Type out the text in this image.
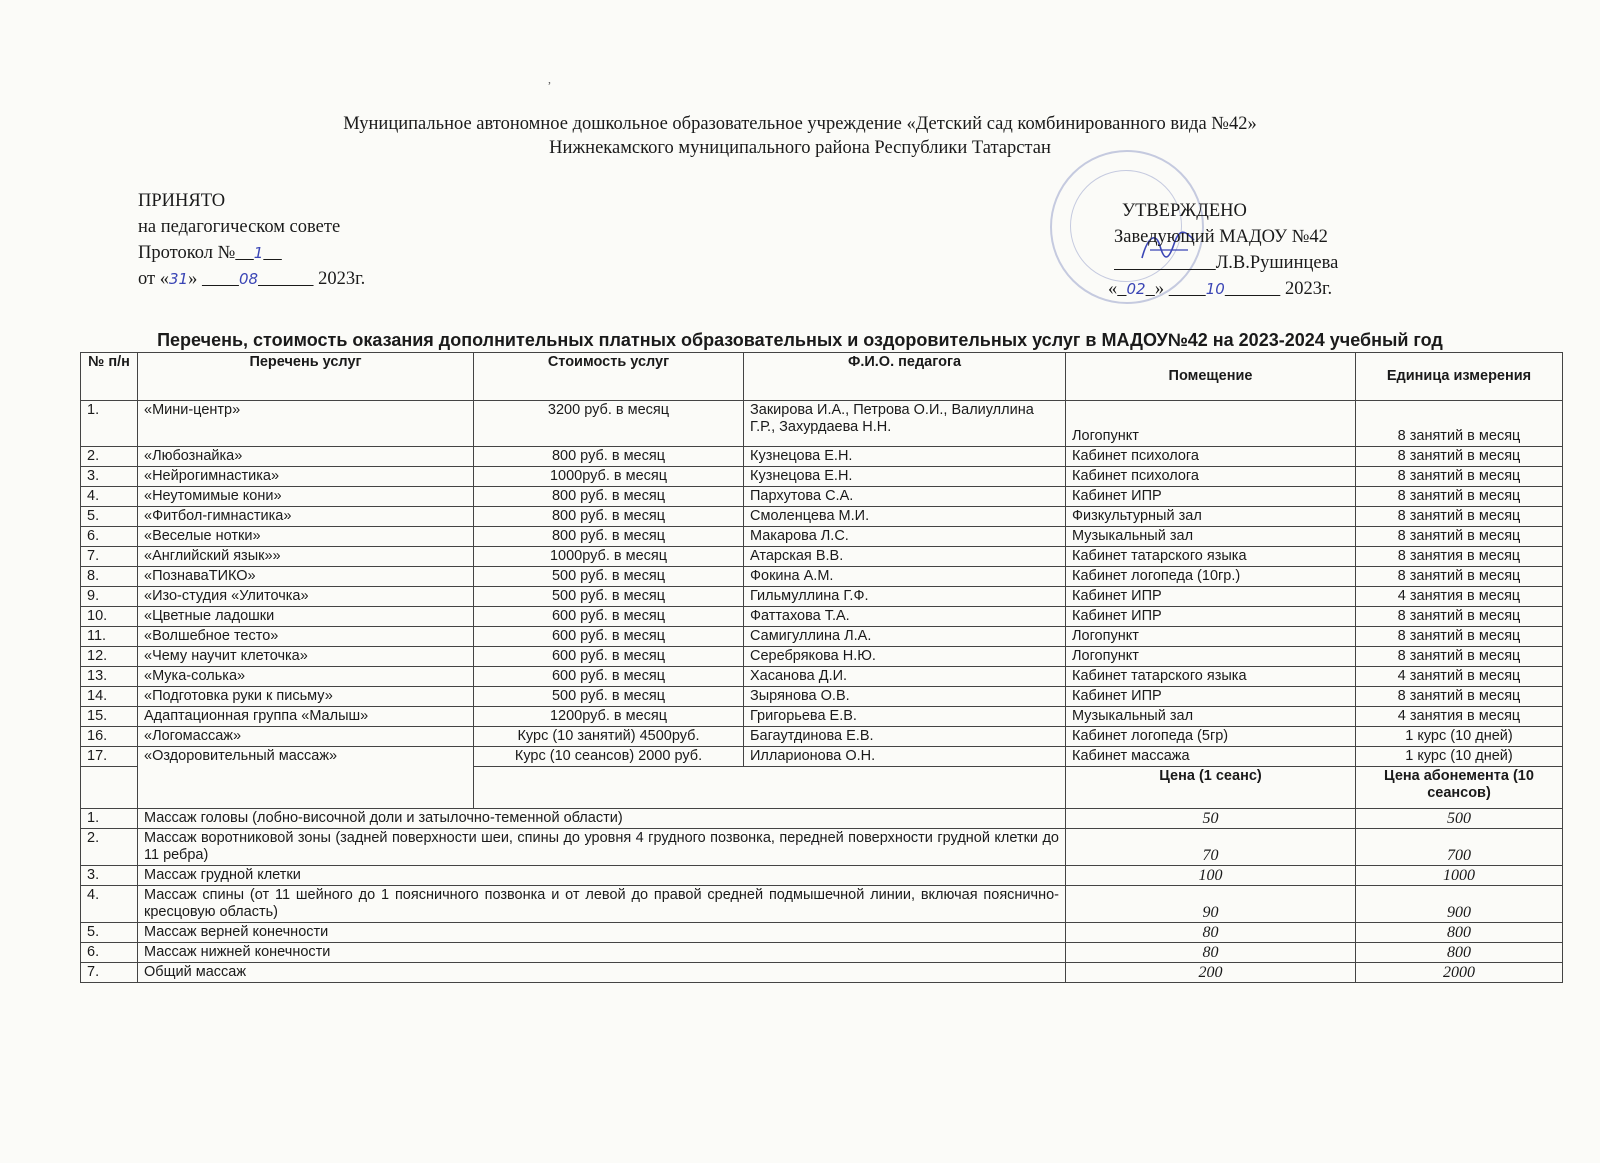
,
Муниципальное автономное дошкольное образовательное учреждение «Детский сад комбинированного вида №42»
Нижнекамского муниципального района Республики Татарстан
ПРИНЯТО
на педагогическом совете
Протокол № 1
от «31»         08	2023г.
УТВЕРЖДЕНО
Заведующий МАДОУ №42
Л.В.Рушинцева
« 02 »         10	2023г.
Перечень, стоимость оказания дополнительных платных образовательных и оздоровительных услуг в МАДОУ№42 на 2023-2024 учебный год
№ п/н	Перечень услуг	Стоимость услуг	Ф.И.О. педагога	Помещение	Единица измерения
1.	«Мини-центр»	3200 руб. в месяц	Закирова И.А., Петрова О.И., Валиуллина Г.Р., Захурдаева Н.Н.	Логопункт	8 занятий в месяц
2.	«Любознайка»	800 руб. в месяц	Кузнецова Е.Н.	Кабинет психолога	8 занятий в месяц
3.	«Нейрогимнастика»	1000руб. в месяц	Кузнецова Е.Н.	Кабинет психолога	8 занятий в месяц
4.	«Неутомимые кони»	800 руб. в месяц	Пархутова С.А.	Кабинет ИПР	8 занятий в месяц
5.	«Фитбол-гимнастика»	800 руб. в месяц	Смоленцева М.И.	Физкультурный зал	8 занятий в месяц
6.	«Веселые нотки»	800 руб. в месяц	Макарова Л.С.	Музыкальный зал	8 занятий в месяц
7.	«Английский язык»»	1000руб. в месяц	Атарская В.В.	Кабинет татарского языка	8 занятия в месяц
8.	«ПознаваТИКО»	500 руб. в месяц	Фокина А.М.	Кабинет логопеда (10гр.)	8 занятий в месяц
9.	«Изо-студия «Улиточка»	500 руб. в месяц	Гильмуллина Г.Ф.	Кабинет ИПР	4 занятия в месяц
10.	«Цветные ладошки	600 руб. в месяц	Фаттахова Т.А.	Кабинет ИПР	8 занятий в месяц
11.	«Волшебное тесто»	600 руб. в месяц	Самигуллина Л.А.	Логопункт	8 занятий в месяц
12.	«Чему научит клеточка»	600 руб. в месяц	Серебрякова Н.Ю.	Логопункт	8 занятий в месяц
13.	«Мука-солька»	600 руб. в месяц	Хасанова Д.И.	Кабинет татарского языка	4 занятий в месяц
14.	«Подготовка руки к письму»	500 руб. в месяц	Зырянова О.В.	Кабинет ИПР	8 занятий в месяц
15.	Адаптационная группа «Малыш»	1200руб. в месяц	Григорьева Е.В.	Музыкальный зал	4 занятия в месяц
16.	«Логомассаж»	Курс (10 занятий) 4500руб.	Багаутдинова Е.В.	Кабинет логопеда (5гр)	1 курс (10 дней)
17.	«Оздоровительный массаж»	Курс (10 сеансов) 2000 руб.	Илларионова О.Н.	Кабинет массажа	1 курс (10 дней)
				Цена (1 сеанс)	Цена абонемента (10 сеансов)
1.	Массаж головы (лобно-височной доли и затылочно-теменной области)			50	500
2.	Массаж воротниковой зоны (задней поверхности шеи, спины до уровня 4 грудного позвонка, передней поверхности грудной клетки до 11 ребра)			70	700
3.	Массаж грудной клетки			100	1000
4.	Массаж спины (от 11 шейного до 1 поясничного позвонка и от левой до правой средней подмышечной линии, включая пояснично-кресцовую область)			90	900
5.	Массаж верней конечности			80	800
6.	Массаж нижней конечности			80	800
7.	Общий массаж			200	2000
